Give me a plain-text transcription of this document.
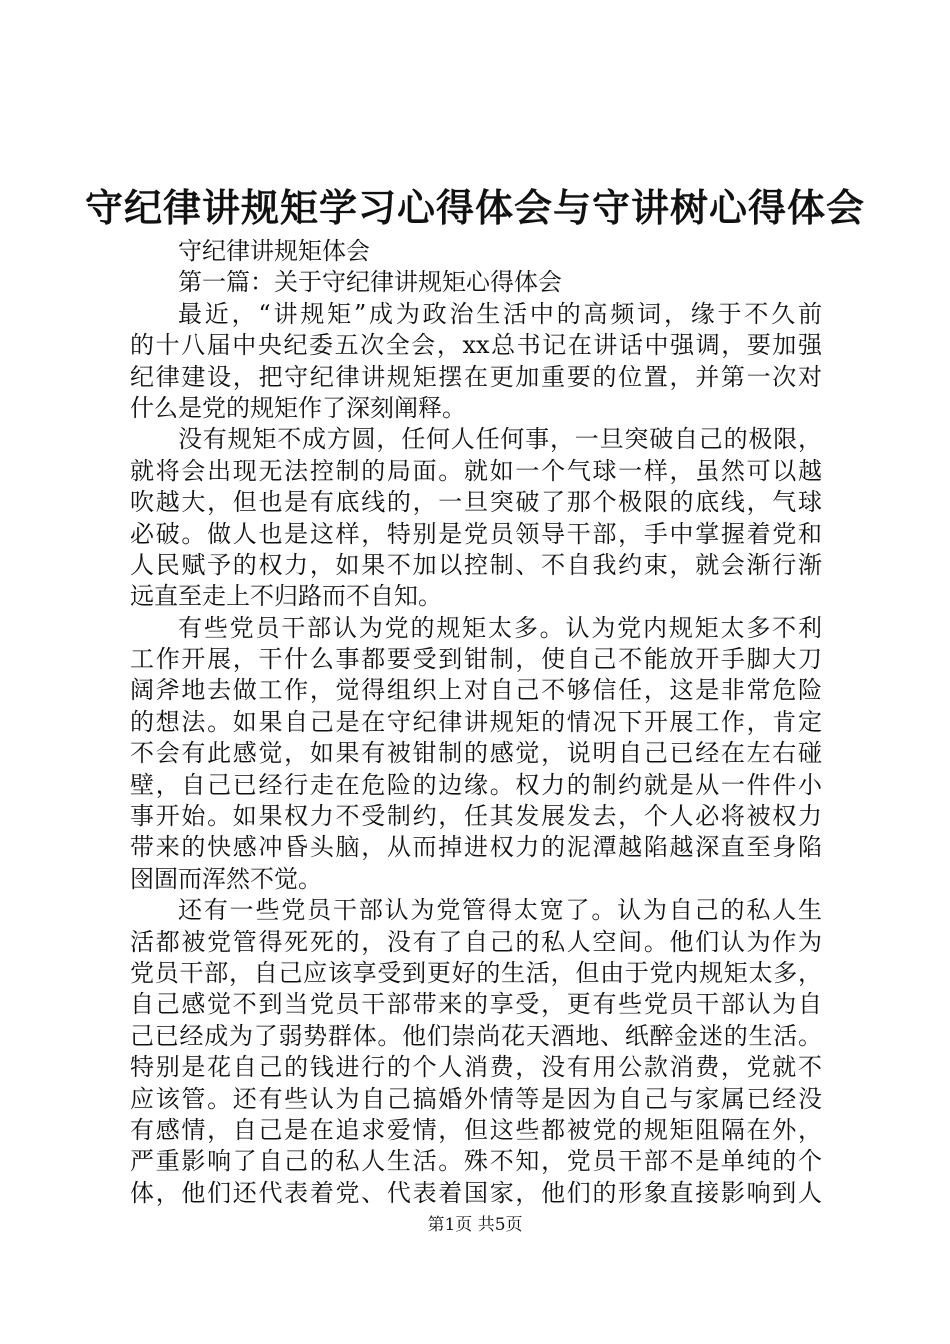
守纪律讲规矩学习心得体会与守讲树心得体会
守纪律讲规矩体会
第一篇：关于守纪律讲规矩心得体会
最近，“讲规矩”成为政治生活中的高频词，缘于不久前
的十八届中央纪委五次全会，xx总书记在讲话中强调，要加强
纪律建设，把守纪律讲规矩摆在更加重要的位置，并第一次对
什么是党的规矩作了深刻阐释。
没有规矩不成方圆，任何人任何事，一旦突破自己的极限，
就将会出现无法控制的局面。就如一个气球一样，虽然可以越
吹越大，但也是有底线的，一旦突破了那个极限的底线，气球
必破。做人也是这样，特别是党员领导干部，手中掌握着党和
人民赋予的权力，如果不加以控制、不自我约束，就会渐行渐
远直至走上不归路而不自知。
有些党员干部认为党的规矩太多。认为党内规矩太多不利
工作开展，干什么事都要受到钳制，使自己不能放开手脚大刀
阔斧地去做工作，觉得组织上对自己不够信任，这是非常危险
的想法。如果自己是在守纪律讲规矩的情况下开展工作，肯定
不会有此感觉，如果有被钳制的感觉，说明自己已经在左右碰
壁，自己已经行走在危险的边缘。权力的制约就是从一件件小
事开始。如果权力不受制约，任其发展发去，个人必将被权力
带来的快感冲昏头脑，从而掉进权力的泥潭越陷越深直至身陷
囹圄而浑然不觉。
还有一些党员干部认为党管得太宽了。认为自己的私人生
活都被党管得死死的，没有了自己的私人空间。他们认为作为
党员干部，自己应该享受到更好的生活，但由于党内规矩太多，
自己感觉不到当党员干部带来的享受，更有些党员干部认为自
己已经成为了弱势群体。他们崇尚花天酒地、纸醉金迷的生活。
特别是花自己的钱进行的个人消费，没有用公款消费，党就不
应该管。还有些认为自己搞婚外情等是因为自己与家属已经没
有感情，自己是在追求爱情，但这些都被党的规矩阻隔在外，
严重影响了自己的私人生活。殊不知，党员干部不是单纯的个
体，他们还代表着党、代表着国家，他们的形象直接影响到人
第1页 共5页
